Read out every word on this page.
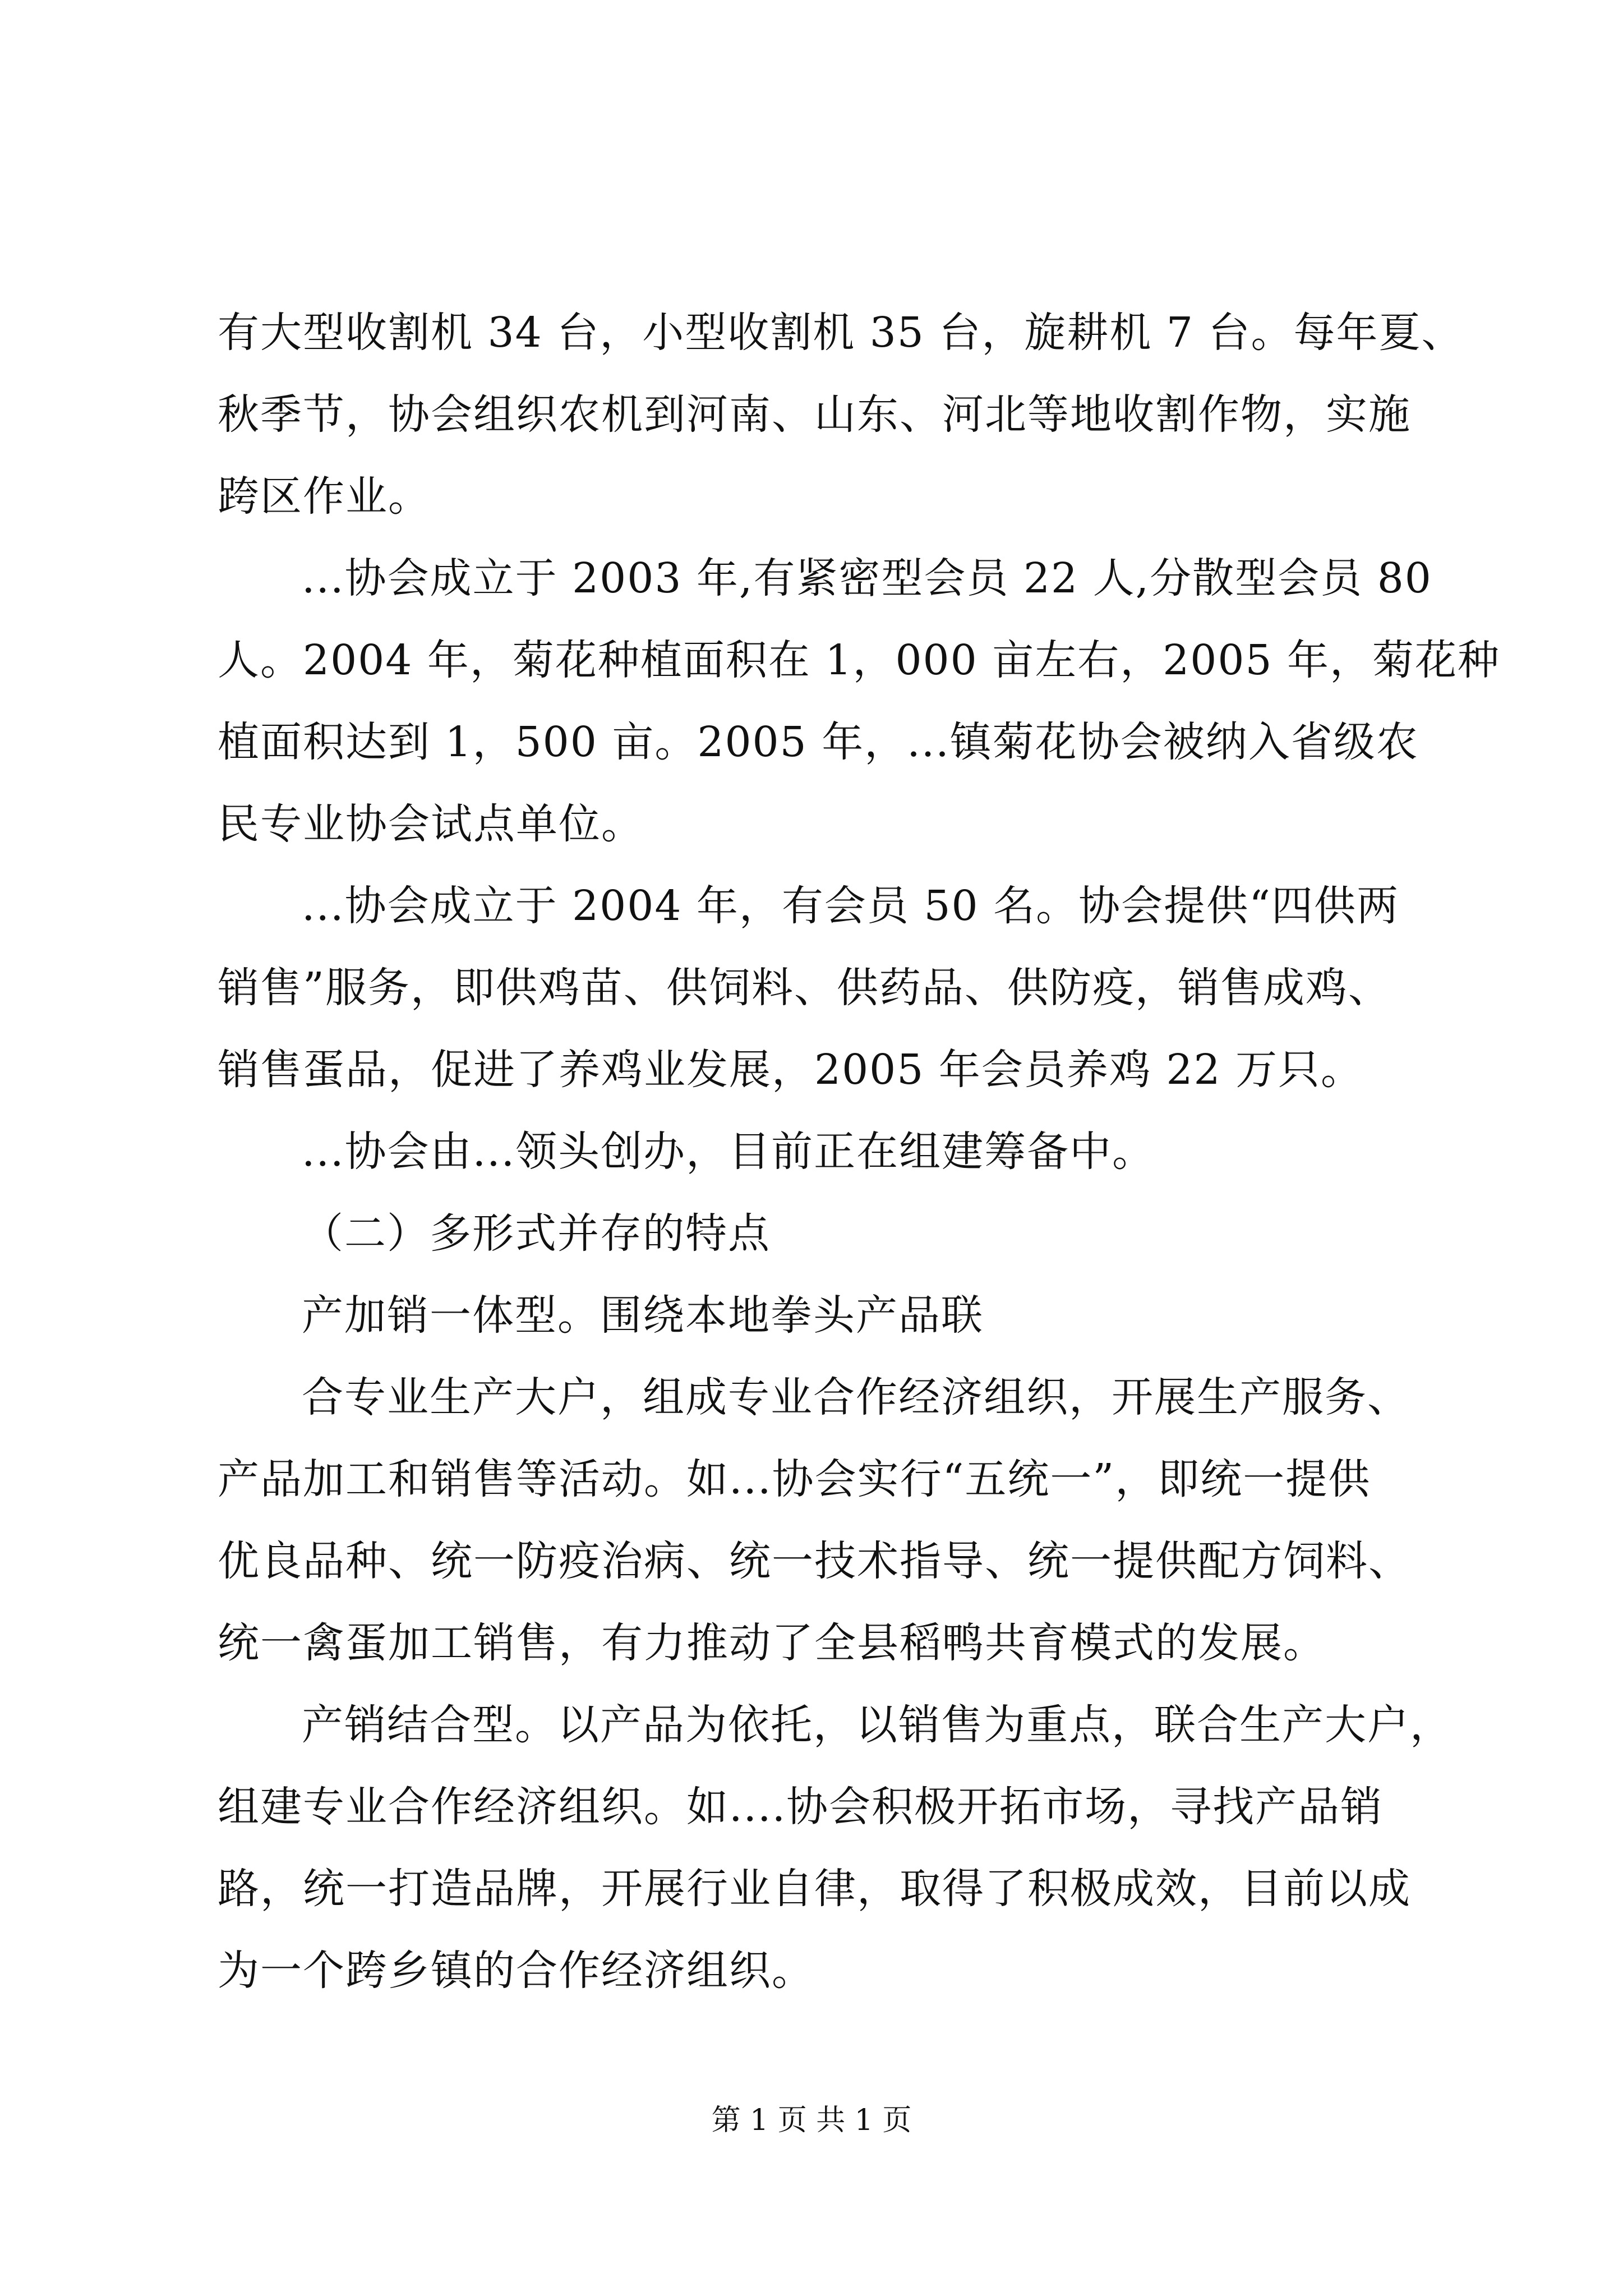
有大型收割机 34 台，小型收割机 35 台，旋耕机 7 台。每年夏、
秋季节，协会组织农机到河南、山东、河北等地收割作物，实施
跨区作业。
...协会成立于 2003 年,有紧密型会员 22 人,分散型会员 80
人。2004 年，菊花种植面积在 1，000 亩左右，2005 年，菊花种
植面积达到 1，500 亩。2005 年，...镇菊花协会被纳入省级农
民专业协会试点单位。
...协会成立于 2004 年，有会员 50 名。协会提供“四供两
销售”服务，即供鸡苗、供饲料、供药品、供防疫，销售成鸡、
销售蛋品，促进了养鸡业发展，2005 年会员养鸡 22 万只。
...协会由...领头创办，目前正在组建筹备中。
（二）多形式并存的特点
产加销一体型。围绕本地拳头产品联
合专业生产大户，组成专业合作经济组织，开展生产服务、
产品加工和销售等活动。如...协会实行“五统一”，即统一提供
优良品种、统一防疫治病、统一技术指导、统一提供配方饲料、
统一禽蛋加工销售，有力推动了全县稻鸭共育模式的发展。
产销结合型。以产品为依托，以销售为重点，联合生产大户，
组建专业合作经济组织。如....协会积极开拓市场，寻找产品销
路，统一打造品牌，开展行业自律，取得了积极成效，目前以成
为一个跨乡镇的合作经济组织。
第 1 页 共 1 页
